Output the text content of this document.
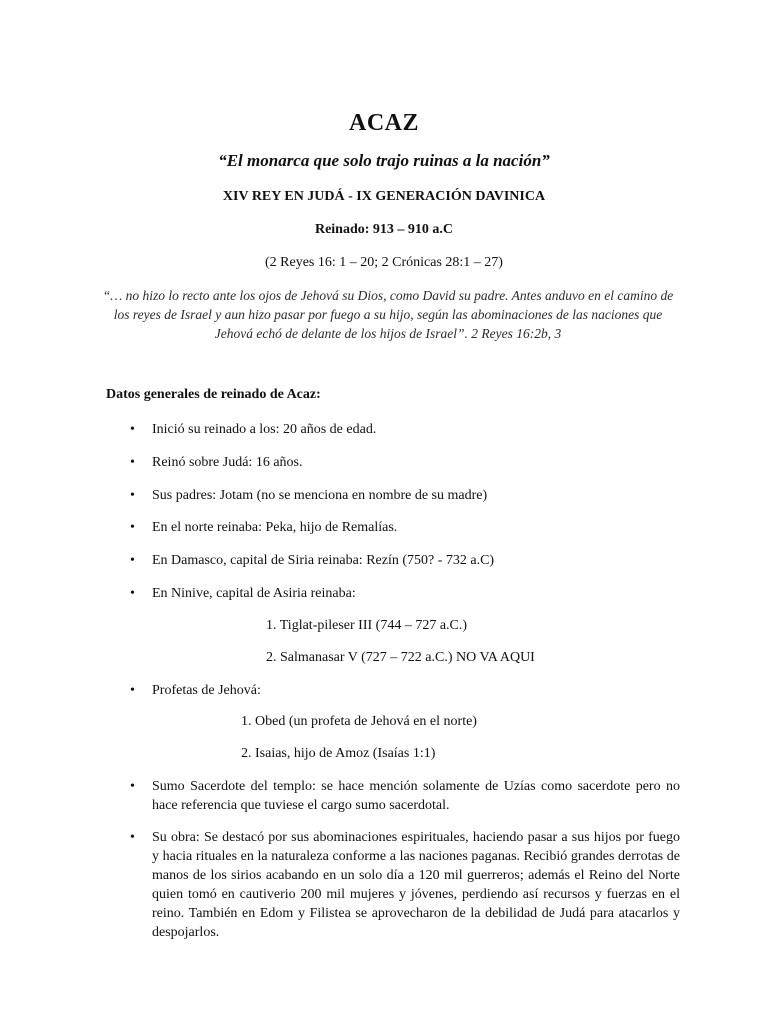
ACAZ
“El monarca que solo trajo ruinas a la nación”
XIV REY EN JUDÁ - IX GENERACIÓN DAVINICA
Reinado: 913 – 910 a.C
(2 Reyes 16: 1 – 20; 2 Crónicas 28:1 – 27)
“… no hizo lo recto ante los ojos de Jehová su Dios, como David su padre. Antes anduvo en el camino de los reyes de Israel y aun hizo pasar por fuego a su hijo, según las abominaciones de las naciones que Jehová echó de delante de los hijos de Israel”. 2 Reyes 16:2b, 3
Datos generales de reinado de Acaz:
• Inició su reinado a los: 20 años de edad.
• Reinó sobre Judá: 16 años.
• Sus padres: Jotam (no se menciona en nombre de su madre)
• En el norte reinaba: Peka, hijo de Remalías.
• En Damasco, capital de Siria reinaba: Rezín (750? - 732 a.C)
• En Ninive, capital de Asiria reinaba:
1. Tiglat-pileser III (744 – 727 a.C.)
2. Salmanasar V (727 – 722 a.C.) NO VA AQUI
• Profetas de Jehová:
1. Obed (un profeta de Jehová en el norte)
2. Isaias, hijo de Amoz (Isaías 1:1)
• Sumo Sacerdote del templo: se hace mención solamente de Uzías como sacerdote pero no hace referencia que tuviese el cargo sumo sacerdotal.
• Su obra: Se destacó por sus abominaciones espirituales, haciendo pasar a sus hijos por fuego y hacia rituales en la naturaleza conforme a las naciones paganas. Recibió grandes derrotas de manos de los sirios acabando en un solo día a 120 mil guerreros; además el Reino del Norte quien tomó en cautiverio 200 mil mujeres y jóvenes, perdiendo así recursos y fuerzas en el reino. También en Edom y Filistea se aprovecharon de la debilidad de Judá para atacarlos y despojarlos.
